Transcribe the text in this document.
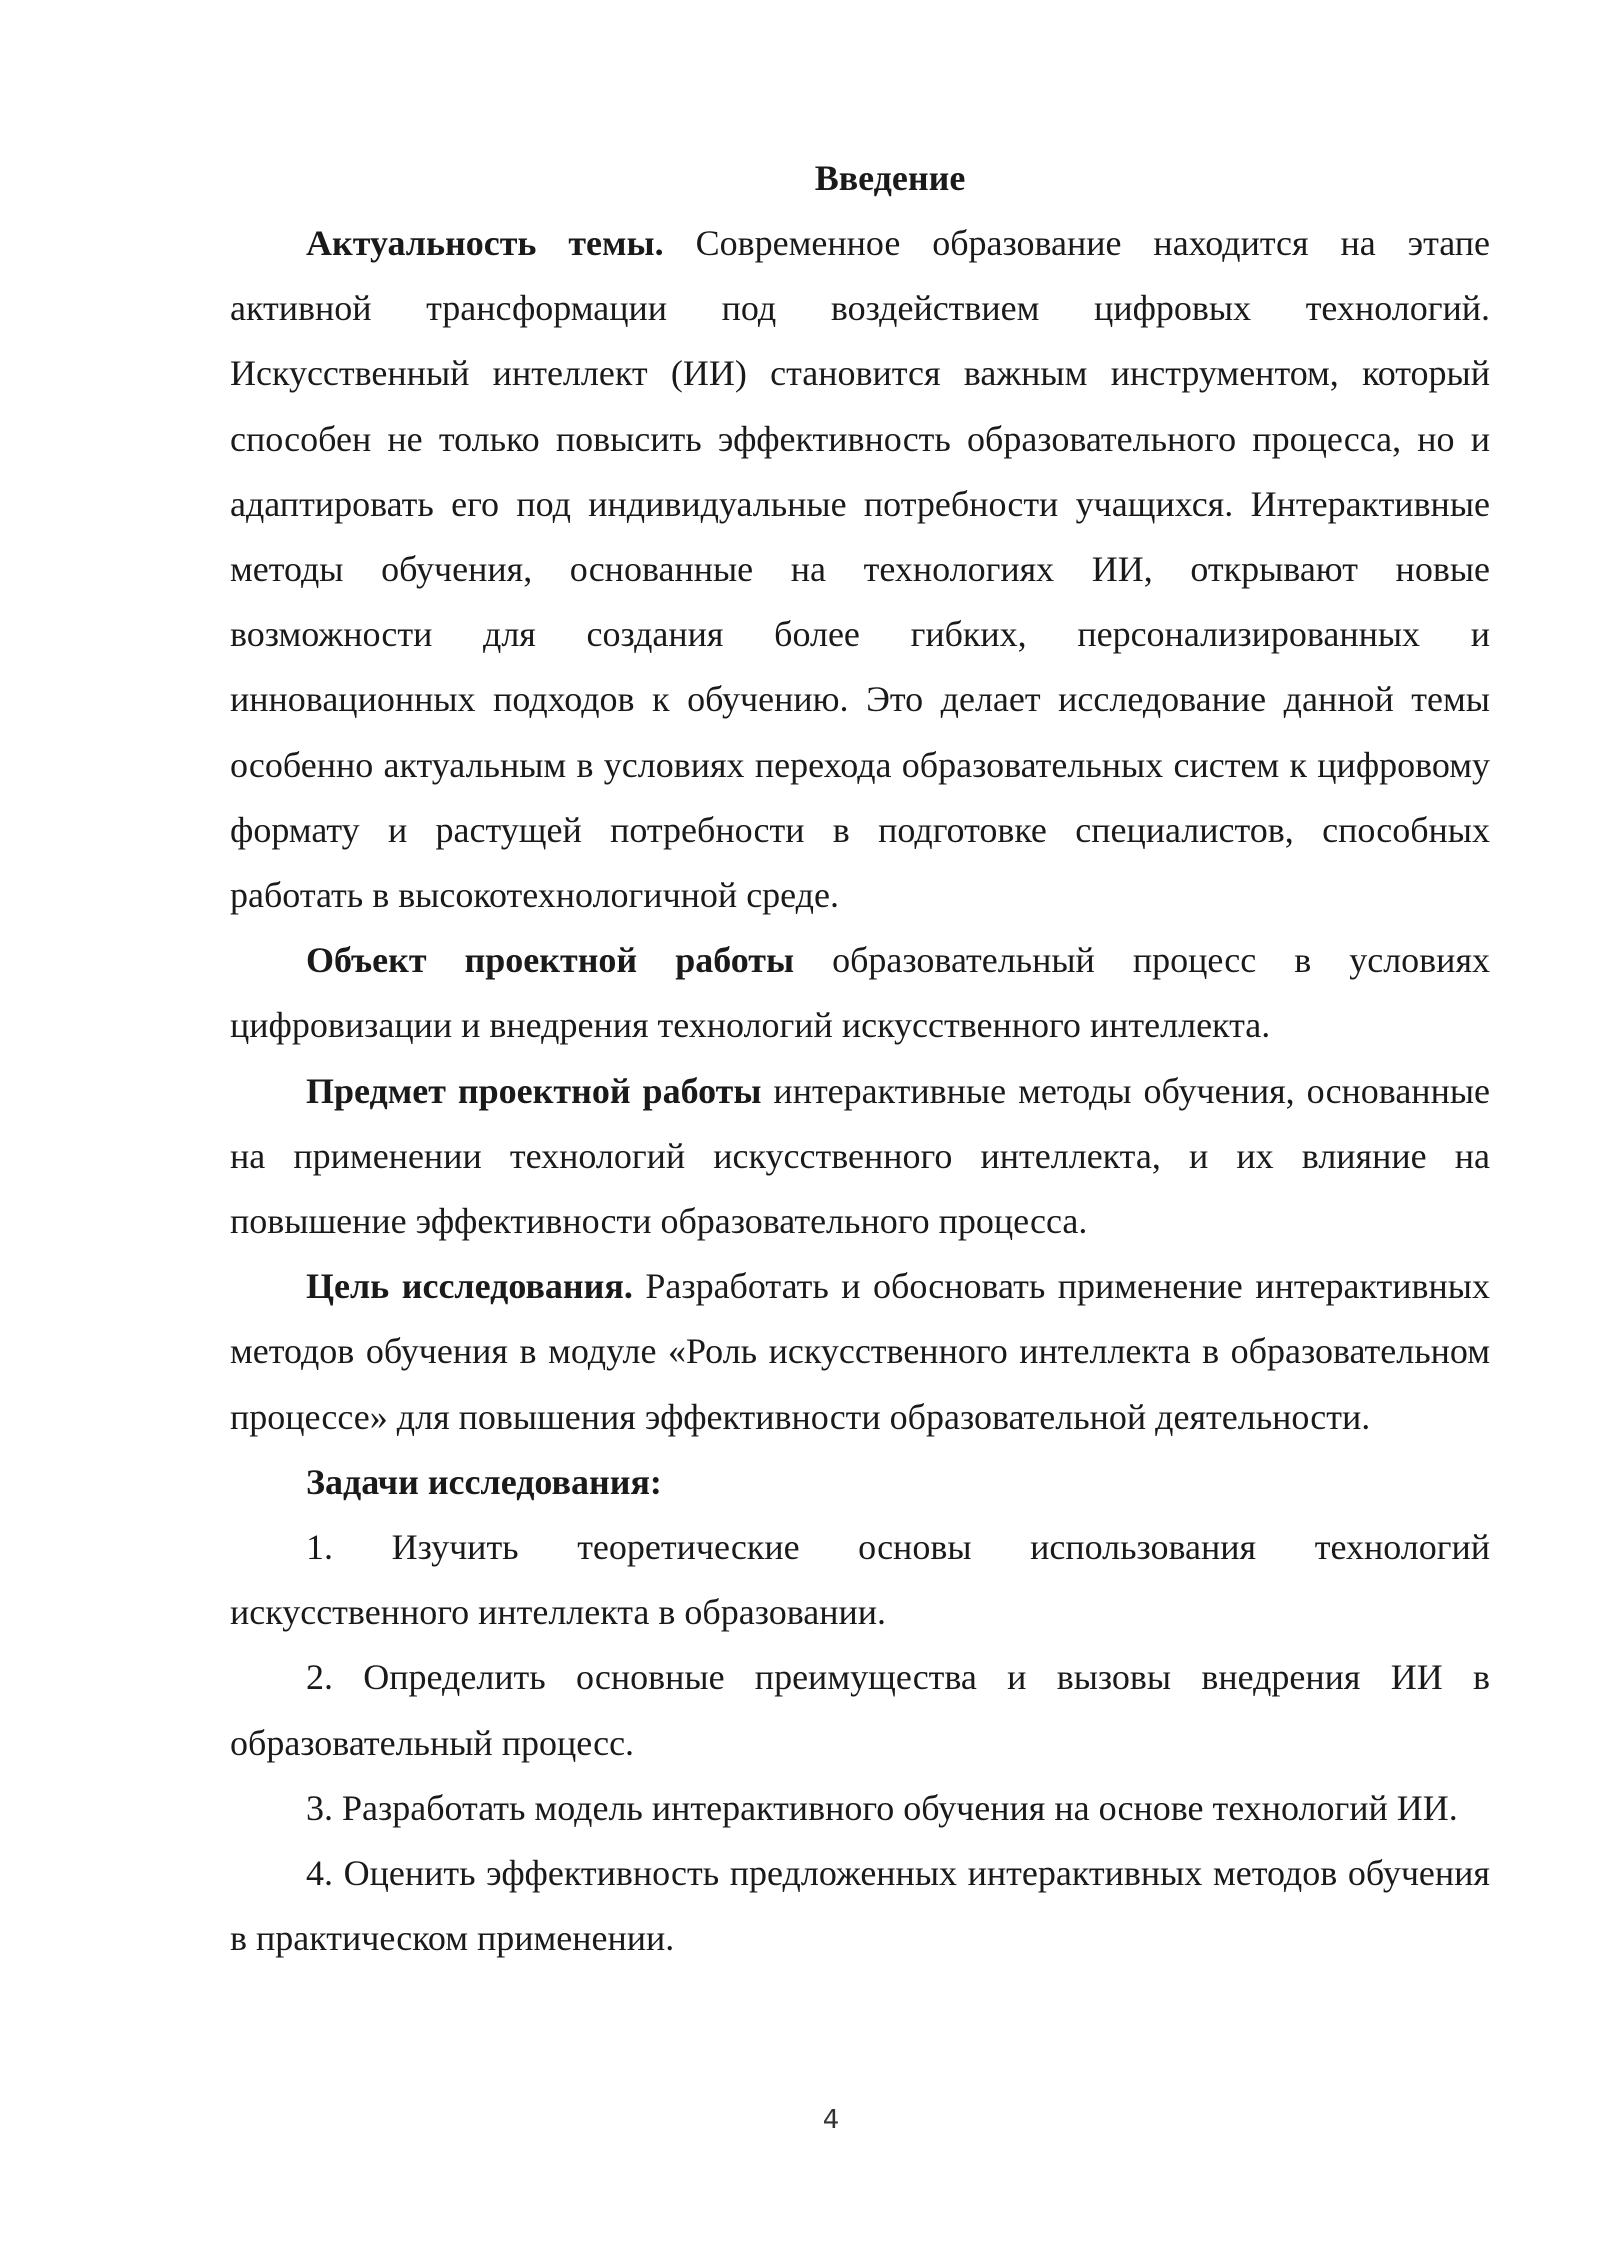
Введение

Актуальность темы. Современное образование находится на этапе активной трансформации под воздействием цифровых технологий. Искусственный интеллект (ИИ) становится важным инструментом, который способен не только повысить эффективность образовательного процесса, но и адаптировать его под индивидуальные потребности учащихся. Интерактивные методы обучения, основанные на технологиях ИИ, открывают новые возможности для создания более гибких, персонализированных и инновационных подходов к обучению. Это делает исследование данной темы особенно актуальным в условиях перехода образовательных систем к цифровому формату и растущей потребности в подготовке специалистов, способных работать в высокотехнологичной среде.

Объект проектной работы образовательный процесс в условиях цифровизации и внедрения технологий искусственного интеллекта.

Предмет проектной работы интерактивные методы обучения, основанные на применении технологий искусственного интеллекта, и их влияние на повышение эффективности образовательного процесса.

Цель исследования. Разработать и обосновать применение интерактивных методов обучения в модуле «Роль искусственного интеллекта в образовательном процессе» для повышения эффективности образовательной деятельности.

Задачи исследования:

1. Изучить теоретические основы использования технологий искусственного интеллекта в образовании.

2. Определить основные преимущества и вызовы внедрения ИИ в образовательный процесс.

3. Разработать модель интерактивного обучения на основе технологий ИИ.

4. Оценить эффективность предложенных интерактивных методов обучения в практическом применении.

4
